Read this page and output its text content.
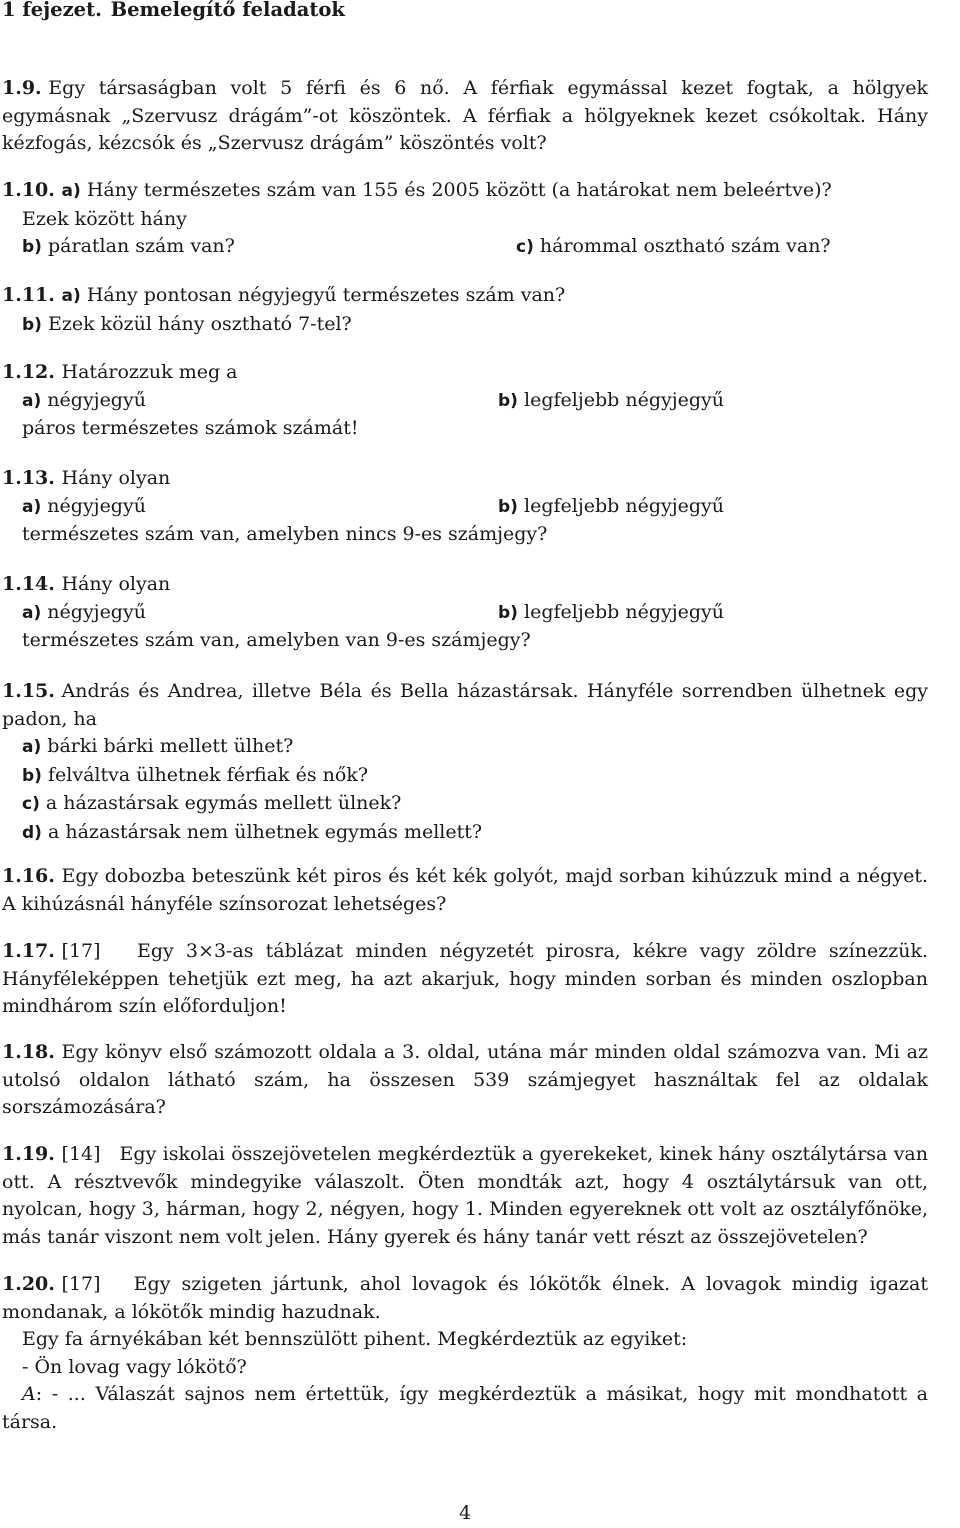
1 fejezet. Bemelegítő feladatok
1.9. Egy társaságban volt 5 férfi és 6 nő. A férfiak egymással kezet fogtak, a hölgyek egymásnak „Szervusz drágám”-ot köszöntek. A férfiak a hölgyeknek kezet csókoltak. Hány kézfogás, kézcsók és „Szervusz drágám” köszöntés volt?
1.10. a) Hány természetes szám van 155 és 2005 között (a határokat nem beleértve)?
Ezek között hány
b) páratlan szám van?	c) hárommal osztható szám van?
1.11. a) Hány pontosan négyjegyű természetes szám van?
b) Ezek közül hány osztható 7-tel?
1.12. Határozzuk meg a
a) négyjegyű	b) legfeljebb négyjegyű
páros természetes számok számát!
1.13. Hány olyan
a) négyjegyű	b) legfeljebb négyjegyű
természetes szám van, amelyben nincs 9-es számjegy?
1.14. Hány olyan
a) négyjegyű	b) legfeljebb négyjegyű
természetes szám van, amelyben van 9-es számjegy?
1.15. András és Andrea, illetve Béla és Bella házastársak. Hányféle sorrendben ülhetnek egy padon, ha
a) bárki bárki mellett ülhet?
b) felváltva ülhetnek férfiak és nők?
c) a házastársak egymás mellett ülnek?
d) a házastársak nem ülhetnek egymás mellett?
1.16. Egy dobozba beteszünk két piros és két kék golyót, majd sorban kihúzzuk mind a négyet. A kihúzásnál hányféle színsorozat lehetséges?
1.17. [17] Egy 3×3-as táblázat minden négyzetét pirosra, kékre vagy zöldre színezzük. Hányféleképpen tehetjük ezt meg, ha azt akarjuk, hogy minden sorban és minden oszlopban mindhárom szín előforduljon!
1.18. Egy könyv első számozott oldala a 3. oldal, utána már minden oldal számozva van. Mi az utolsó oldalon látható szám, ha összesen 539 számjegyet használtak fel az oldalak sorszámozására?
1.19. [14] Egy iskolai összejövetelen megkérdeztük a gyerekeket, kinek hány osztálytársa van ott. A résztvevők mindegyike válaszolt. Öten mondták azt, hogy 4 osztálytársuk van ott, nyolcan, hogy 3, hárman, hogy 2, négyen, hogy 1. Minden egyereknek ott volt az osztályfőnöke, más tanár viszont nem volt jelen. Hány gyerek és hány tanár vett részt az összejövetelen?
1.20. [17] Egy szigeten jártunk, ahol lovagok és lókötők élnek. A lovagok mindig igazat mondanak, a lókötők mindig hazudnak.
Egy fa árnyékában két bennszülött pihent. Megkérdeztük az egyiket:
- Ön lovag vagy lókötő?
A: - ... Válaszát sajnos nem értettük, így megkérdeztük a másikat, hogy mit mondhatott a társa.
4
